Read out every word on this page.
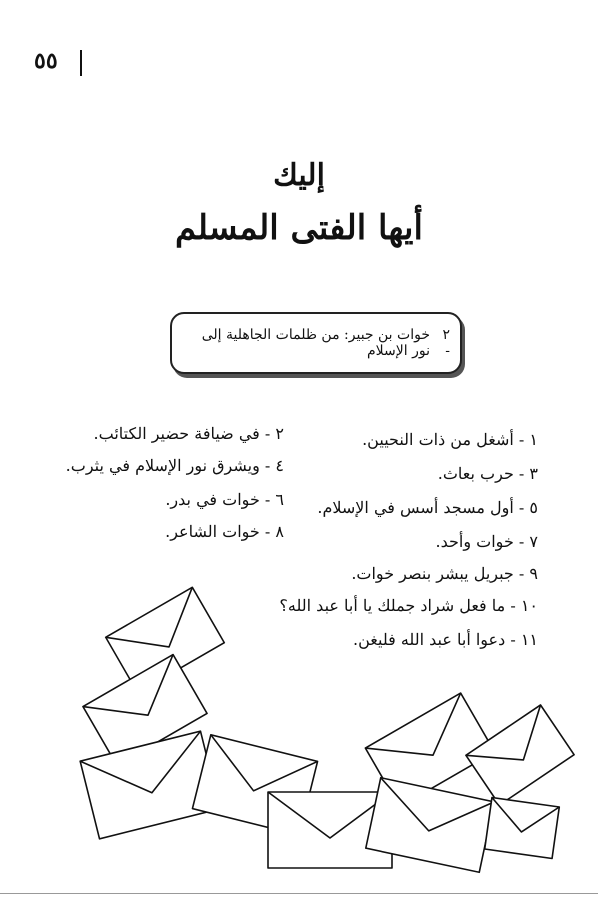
٥٥
إليك
أيها الفتى المسلم
٢ -
خوات بن جبير: من ظلمات الجاهلية إلى نور الإسلام
١ - أشغل من ذات النحيين.
٣ - حرب بعاث.
٥ - أول مسجد أسس في الإسلام.
٧ - خوات وأحد.
٩ - جبريل يبشر بنصر خوات.
١٠ - ما فعل شراد جملك يا أبا عبد الله؟
١١ - دعوا أبا عبد الله فليغن.
٢ - في ضيافة حضير الكتائب.
٤ - ويشرق نور الإسلام في يثرب.
٦ - خوات في بدر.
٨ - خوات الشاعر.
